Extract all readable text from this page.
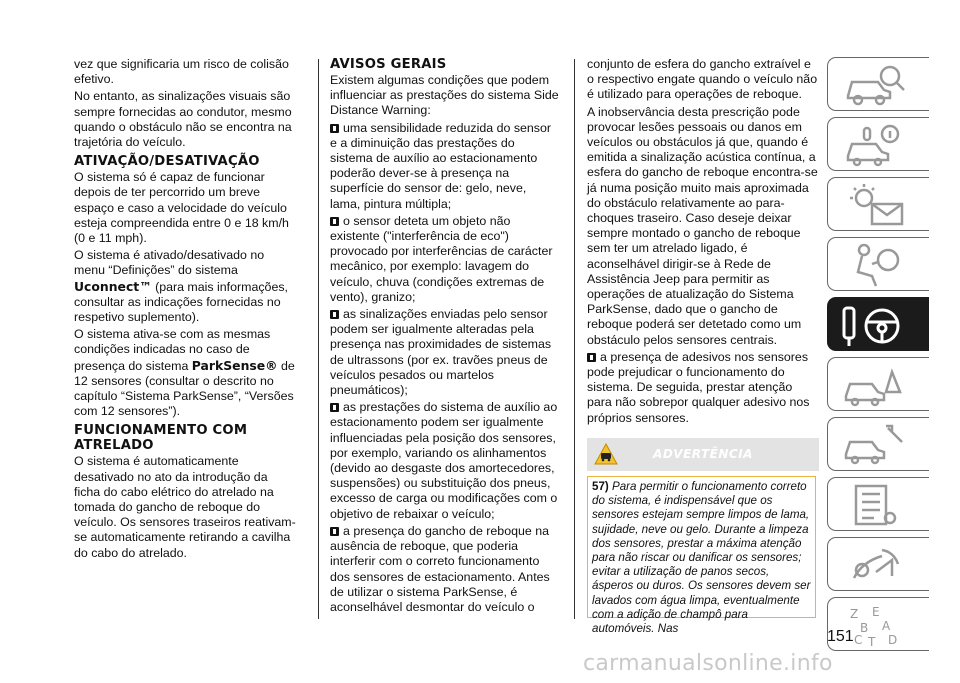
vez que significaria um risco de colisão efetivo.

No entanto, as sinalizações visuais são sempre fornecidas ao condutor, mesmo quando o obstáculo não se encontra na trajetória do veículo.

ATIVAÇÃO/DESATIVAÇÃO

O sistema só é capaz de funcionar depois de ter percorrido um breve espaço e caso a velocidade do veículo esteja compreendida entre 0 e 18 km/h (0 e 11 mph).

O sistema é ativado/desativado no menu “Definições” do sistema Uconnect™ (para mais informações, consultar as indicações fornecidas no respetivo suplemento).

O sistema ativa-se com as mesmas condições indicadas no caso de presença do sistema ParkSense® de 12 sensores (consultar o descrito no capítulo “Sistema ParkSense”, “Versões com 12 sensores”).

FUNCIONAMENTO COM ATRELADO

O sistema é automaticamente desativado no ato da introdução da ficha do cabo elétrico do atrelado na tomada do gancho de reboque do veículo. Os sensores traseiros reativam-se automaticamente retirando a cavilha do cabo do atrelado.

AVISOS GERAIS

Existem algumas condições que podem influenciar as prestações do sistema Side Distance Warning:

uma sensibilidade reduzida do sensor e a diminuição das prestações do sistema de auxílio ao estacionamento poderão dever-se à presença na superfície do sensor de: gelo, neve, lama, pintura múltipla;

o sensor deteta um objeto não existente ("interferência de eco") provocado por interferências de carácter mecânico, por exemplo: lavagem do veículo, chuva (condições extremas de vento), granizo;

as sinalizações enviadas pelo sensor podem ser igualmente alteradas pela presença nas proximidades de sistemas de ultrassons (por ex. travões pneus de veículos pesados ou martelos pneumáticos);

as prestações do sistema de auxílio ao estacionamento podem ser igualmente influenciadas pela posição dos sensores, por exemplo, variando os alinhamentos (devido ao desgaste dos amortecedores, suspensões) ou substituição dos pneus, excesso de carga ou modificações com o objetivo de rebaixar o veículo;

a presença do gancho de reboque na ausência de reboque, que poderia interferir com o correto funcionamento dos sensores de estacionamento. Antes de utilizar o sistema ParkSense, é aconselhável desmontar do veículo o

conjunto de esfera do gancho extraível e o respectivo engate quando o veículo não é utilizado para operações de reboque.

A inobservância desta prescrição pode provocar lesões pessoais ou danos em veículos ou obstáculos já que, quando é emitida a sinalização acústica contínua, a esfera do gancho de reboque encontra-se já numa posição muito mais aproximada do obstáculo relativamente ao para-choques traseiro. Caso deseje deixar sempre montado o gancho de reboque sem ter um atrelado ligado, é aconselhável dirigir-se à Rede de Assistência Jeep para permitir as operações de atualização do Sistema ParkSense, dado que o gancho de reboque poderá ser detetado como um obstáculo pelos sensores centrais.

a presença de adesivos nos sensores pode prejudicar o funcionamento do sistema. De seguida, prestar atenção para não sobrepor qualquer adesivo nos próprios sensores.

ADVERTÊNCIA
57) Para permitir o funcionamento correto do sistema, é indispensável que os sensores estejam sempre limpos de lama, sujidade, neve ou gelo. Durante a limpeza dos sensores, prestar a máxima atenção para não riscar ou danificar os sensores; evitar a utilização de panos secos, ásperos ou duros. Os sensores devem ser lavados com água limpa, eventualmente com a adição de champô para automóveis. Nas
Z E
B A
C T D
151
carmanualsonline.info
